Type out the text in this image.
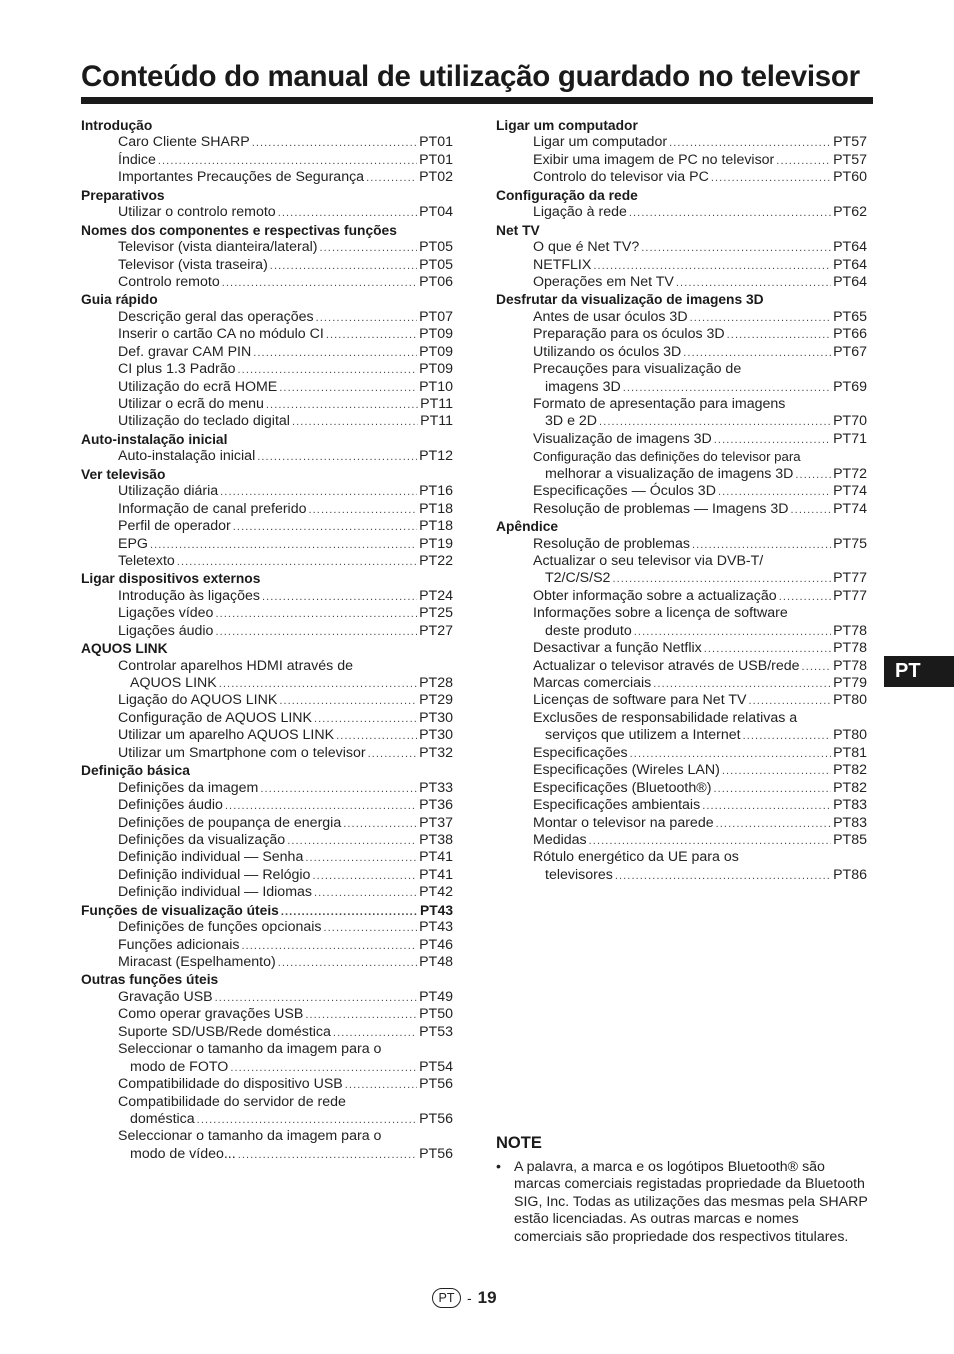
Conteúdo do manual de utilização guardado no televisor
Introdução
Caro Cliente SHARP .....	PT01
Índice .....	PT01
Importantes Precauções de Segurança .....	PT02
Preparativos
Utilizar o controlo remoto .....	PT04
Nomes dos componentes e respectivas funções
Televisor (vista dianteira/lateral) .....	PT05
Televisor (vista traseira) .....	PT05
Controlo remoto .....	PT06
Guia rápido
Descrição geral das operações .....	PT07
Inserir o cartão CA no módulo CI .....	PT09
Def. gravar CAM PIN .....	PT09
CI plus 1.3 Padrão .....	PT09
Utilização do ecrã HOME .....	PT10
Utilizar o ecrã do menu .....	PT11
Utilização do teclado digital .....	PT11
Auto-instalação inicial
Auto-instalação inicial .....	PT12
Ver televisão
Utilização diária .....	PT16
Informação de canal preferido .....	PT18
Perfil de operador .....	PT18
EPG .....	PT19
Teletexto .....	PT22
Ligar dispositivos externos
Introdução às ligações .....	PT24
Ligações vídeo .....	PT25
Ligações áudio .....	PT27
AQUOS LINK
Controlar aparelhos HDMI através de
AQUOS LINK .....	PT28
Ligação do AQUOS LINK .....	PT29
Configuração de AQUOS LINK .....	PT30
Utilizar um aparelho AQUOS LINK .....	PT30
Utilizar um Smartphone com o televisor .....	PT32
Definição básica
Definições da imagem .....	PT33
Definições áudio .....	PT36
Definições de poupança de energia .....	PT37
Definições da visualização .....	PT38
Definição individual — Senha .....	PT41
Definição individual — Relógio .....	PT41
Definição individual — Idiomas .....	PT42
Funções de visualização úteis .....	PT43
Definições de funções opcionais .....	PT43
Funções adicionais .....	PT46
Miracast (Espelhamento) .....	PT48
Outras funções úteis
Gravação USB .....	PT49
Como operar gravações USB .....	PT50
Suporte SD/USB/Rede doméstica .....	PT53
Seleccionar o tamanho da imagem para o
modo de FOTO .....	PT54
Compatibilidade do dispositivo USB .....	PT56
Compatibilidade do servidor de rede
doméstica .....	PT56
Seleccionar o tamanho da imagem para o
modo de vídeo... .....	PT56
Ligar um computador
Ligar um computador .....	PT57
Exibir uma imagem de PC no televisor .....	PT57
Controlo do televisor via PC .....	PT60
Configuração da rede
Ligação à rede .....	PT62
Net TV
O que é Net TV? .....	PT64
NETFLIX .....	PT64
Operações em Net TV .....	PT64
Desfrutar da visualização de imagens 3D
Antes de usar óculos 3D .....	PT65
Preparação para os óculos 3D .....	PT66
Utilizando os óculos 3D .....	PT67
Precauções para visualização de
imagens 3D .....	PT69
Formato de apresentação para imagens
3D e 2D .....	PT70
Visualização de imagens 3D .....	PT71
Configuração das definições do televisor para
melhorar a visualização de imagens 3D .....	PT72
Especificações — Óculos 3D .....	PT74
Resolução de problemas — Imagens 3D .....	PT74
Apêndice
Resolução de problemas .....	PT75
Actualizar o seu televisor via DVB-T/
T2/C/S/S2 .....	PT77
Obter informação sobre a actualização .....	PT77
Informações sobre a licença de software
deste produto .....	PT78
Desactivar a função Netflix .....	PT78
Actualizar o televisor através de USB/rede ..... PT78
Marcas comerciais .....	PT79
Licenças de software para Net TV .....	PT80
Exclusões de responsabilidade relativas a
serviços que utilizem a Internet .....	PT80
Especificações .....	PT81
Especificações (Wireles LAN) .....	PT82
Especificações (Bluetooth®) .....	PT82
Especificações ambientais .....	PT83
Montar o televisor na parede .....	PT83
Medidas .....	PT85
Rótulo energético da UE para os
televisores .....	PT86
PT
NOTE
• A palavra, a marca e os logótipos Bluetooth® são marcas comerciais registadas propriedade da Bluetooth SIG, Inc. Todas as utilizações das mesmas pela SHARP estão licenciadas. As outras marcas e nomes comerciais são propriedade dos respectivos titulares.
PT - 19
